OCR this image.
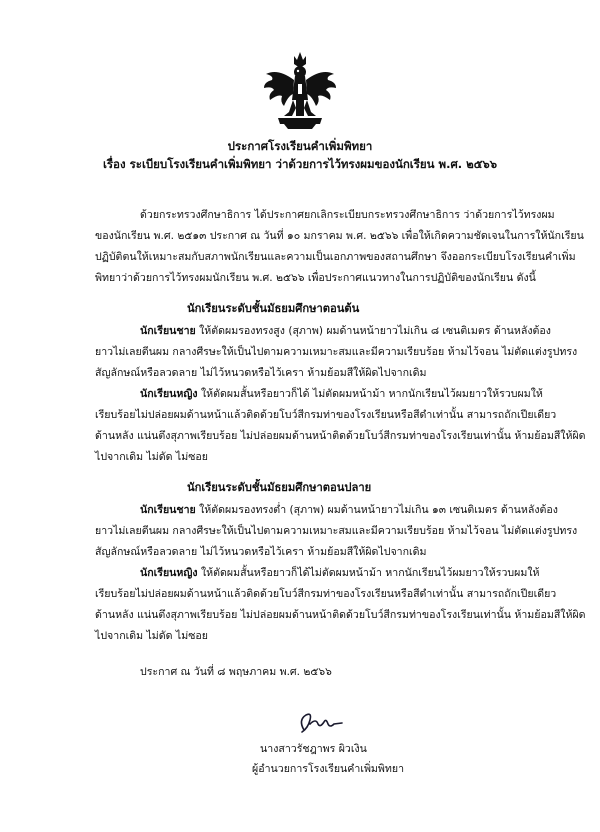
ประกาศโรงเรียนคำเพิ่มพิทยา
เรื่อง ระเบียบโรงเรียนคำเพิ่มพิทยา ว่าด้วยการไว้ทรงผมของนักเรียน พ.ศ. ๒๕๖๖
ด้วยกระทรวงศึกษาธิการ ได้ประกาศยกเลิกระเบียบกระทรวงศึกษาธิการ ว่าด้วยการไว้ทรงผม
ของนักเรียน พ.ศ. ๒๕๑๓ ประกาศ ณ วันที่ ๑๐ มกราคม พ.ศ. ๒๕๖๖ เพื่อให้เกิดความชัดเจนในการให้นักเรียน
ปฏิบัติตนให้เหมาะสมกับสภาพนักเรียนและความเป็นเอกภาพของสถานศึกษา จึงออกระเบียบโรงเรียนคำเพิ่ม
พิทยาว่าด้วยการไว้ทรงผมนักเรียน พ.ศ. ๒๕๖๖ เพื่อประกาศแนวทางในการปฏิบัติของนักเรียน ดังนี้
นักเรียนระดับชั้นมัธยมศึกษาตอนต้น
นักเรียนชาย ให้ตัดผมรองทรงสูง (สุภาพ) ผมด้านหน้ายาวไม่เกิน ๘ เซนติเมตร ด้านหลังต้อง
ยาวไม่เลยตีนผม กลางศีรษะให้เป็นไปตามความเหมาะสมและมีความเรียบร้อย ห้ามไว้จอน ไม่ตัดแต่งรูปทรง
สัญลักษณ์หรือลวดลาย ไม่ไว้หนวดหรือไว้เครา ห้ามย้อมสีให้ผิดไปจากเดิม
นักเรียนหญิง ให้ตัดผมสั้นหรือยาวก็ได้ ไม่ตัดผมหน้าม้า หากนักเรียนไว้ผมยาวให้รวบผมให้
เรียบร้อยไม่ปล่อยผมด้านหน้าแล้วติดด้วยโบว์สีกรมท่าของโรงเรียนหรือสีดำเท่านั้น สามารถถักเปียเดียว
ด้านหลัง แน่นตึงสุภาพเรียบร้อย ไม่ปล่อยผมด้านหน้าติดด้วยโบว์สีกรมท่าของโรงเรียนเท่านั้น ห้ามย้อมสีให้ผิด
ไปจากเดิม ไม่ดัด ไม่ซอย
นักเรียนระดับชั้นมัธยมศึกษาตอนปลาย
นักเรียนชาย ให้ตัดผมรองทรงต่ำ (สุภาพ) ผมด้านหน้ายาวไม่เกิน ๑๓ เซนติเมตร ด้านหลังต้อง
ยาวไม่เลยตีนผม กลางศีรษะให้เป็นไปตามความเหมาะสมและมีความเรียบร้อย ห้ามไว้จอน ไม่ตัดแต่งรูปทรง
สัญลักษณ์หรือลวดลาย ไม่ไว้หนวดหรือไว้เครา ห้ามย้อมสีให้ผิดไปจากเดิม
นักเรียนหญิง ให้ตัดผมสั้นหรือยาวก็ได้ไม่ตัดผมหน้าม้า หากนักเรียนไว้ผมยาวให้รวบผมให้
เรียบร้อยไม่ปล่อยผมด้านหน้าแล้วติดด้วยโบว์สีกรมท่าของโรงเรียนหรือสีดำเท่านั้น สามารถถักเปียเดียว
ด้านหลัง แน่นตึงสุภาพเรียบร้อย ไม่ปล่อยผมด้านหน้าติดด้วยโบว์สีกรมท่าของโรงเรียนเท่านั้น ห้ามย้อมสีให้ผิด
ไปจากเดิม ไม่ดัด ไม่ซอย
ประกาศ ณ วันที่ ๘ พฤษภาคม พ.ศ. ๒๕๖๖
นางสาวรัชฎาพร ผิวเงิน
ผู้อำนวยการโรงเรียนคำเพิ่มพิทยา
